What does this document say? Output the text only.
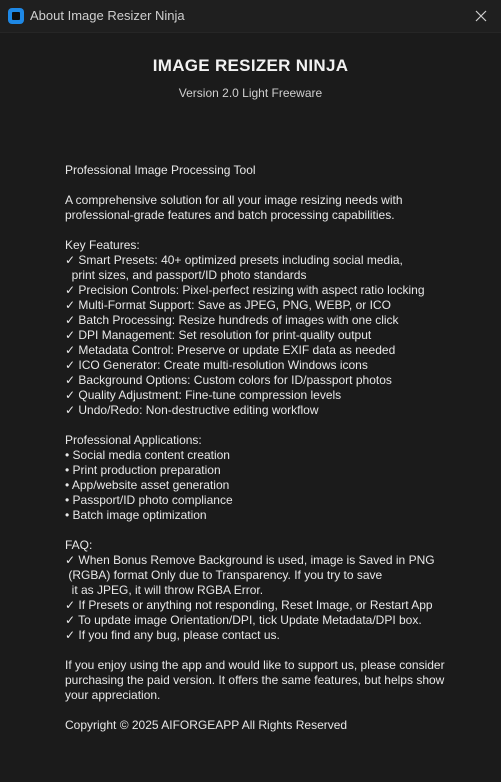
About Image Resizer Ninja
IMAGE RESIZER NINJA
Version 2.0 Light Freeware
Professional Image Processing Tool
A comprehensive solution for all your image resizing needs with
professional-grade features and batch processing capabilities.
Key Features:
✓ Smart Presets: 40+ optimized presets including social media,
print sizes, and passport/ID photo standards
✓ Precision Controls: Pixel-perfect resizing with aspect ratio locking
✓ Multi-Format Support: Save as JPEG, PNG, WEBP, or ICO
✓ Batch Processing: Resize hundreds of images with one click
✓ DPI Management: Set resolution for print-quality output
✓ Metadata Control: Preserve or update EXIF data as needed
✓ ICO Generator: Create multi-resolution Windows icons
✓ Background Options: Custom colors for ID/passport photos
✓ Quality Adjustment: Fine-tune compression levels
✓ Undo/Redo: Non-destructive editing workflow
Professional Applications:
• Social media content creation
• Print production preparation
• App/website asset generation
• Passport/ID photo compliance
• Batch image optimization
FAQ:
✓ When Bonus Remove Background is used, image is Saved in PNG
(RGBA) format Only due to Transparency. If you try to save
it as JPEG, it will throw RGBA Error.
✓ If Presets or anything not responding, Reset Image, or Restart App
✓ To update image Orientation/DPI, tick Update Metadata/DPI box.
✓ If you find any bug, please contact us.
If you enjoy using the app and would like to support us, please consider
purchasing the paid version. It offers the same features, but helps show
your appreciation.
Copyright © 2025 AIFORGEAPP All Rights Reserved
